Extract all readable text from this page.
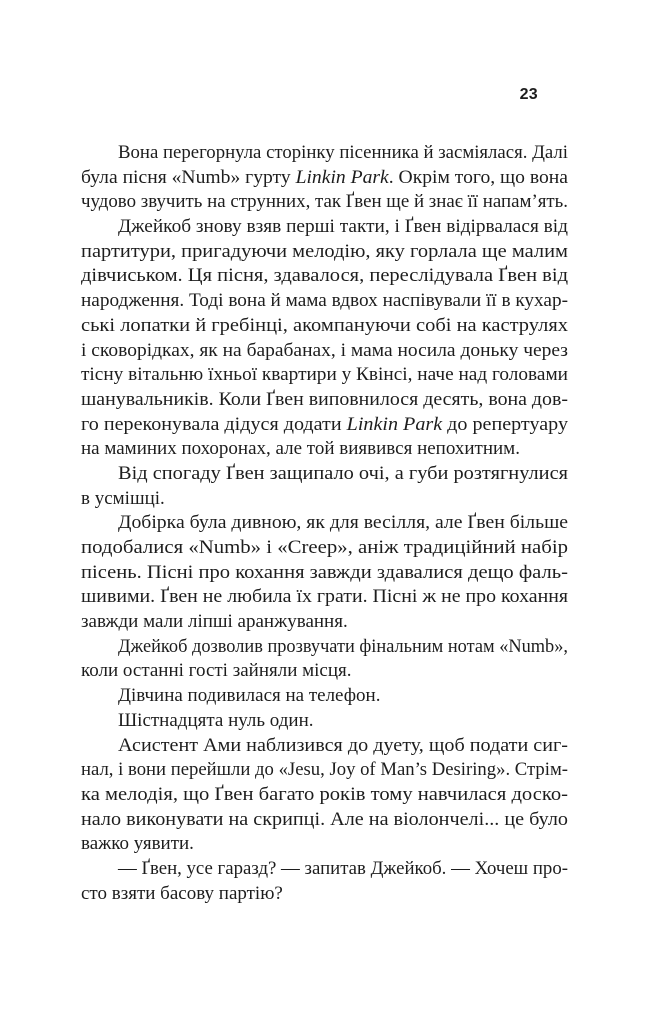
23
Вона перегорнула сторінку пісенника й засміялася. Далі
була пісня «Numb» гурту Linkin Park. Окрім того, що вона
чудово звучить на струнних, так Ґвен ще й знає її напам’ять.
Джейкоб знову взяв перші такти, і Ґвен відірвалася від
партитури, пригадуючи мелодію, яку горлала ще малим
дівчиськом. Ця пісня, здавалося, переслідувала Ґвен від
народження. Тоді вона й мама вдвох наспівували її в кухар-
ські лопатки й гребінці, акомпануючи собі на каструлях
і сковорідках, як на барабанах, і мама носила доньку через
тісну вітальню їхньої квартири у Квінсі, наче над головами
шанувальників. Коли Ґвен виповнилося десять, вона дов-
го переконувала дідуся додати Linkin Park до репертуару
на маминих похоронах, але той виявився непохитним.
Від спогаду Ґвен защипало очі, а губи розтягнулися
в усмішці.
Добірка була дивною, як для весілля, але Ґвен більше
подобалися «Numb» і «Creep», аніж традиційний набір
пісень. Пісні про кохання завжди здавалися дещо фаль-
шивими. Ґвен не любила їх грати. Пісні ж не про кохання
завжди мали ліпші аранжування.
Джейкоб дозволив прозвучати фінальним нотам «Numb»,
коли останні гості зайняли місця.
Дівчина подивилася на телефон.
Шістнадцята нуль один.
Асистент Ами наблизився до дуету, щоб подати сиг-
нал, і вони перейшли до «Jesu, Joy of Man’s Desiring». Стрім-
ка мелодія, що Ґвен багато років тому навчилася доско-
нало виконувати на скрипці. Але на віолончелі... це було
важко уявити.
— Ґвен, усе гаразд? — запитав Джейкоб. — Хочеш про-
сто взяти басову партію?
